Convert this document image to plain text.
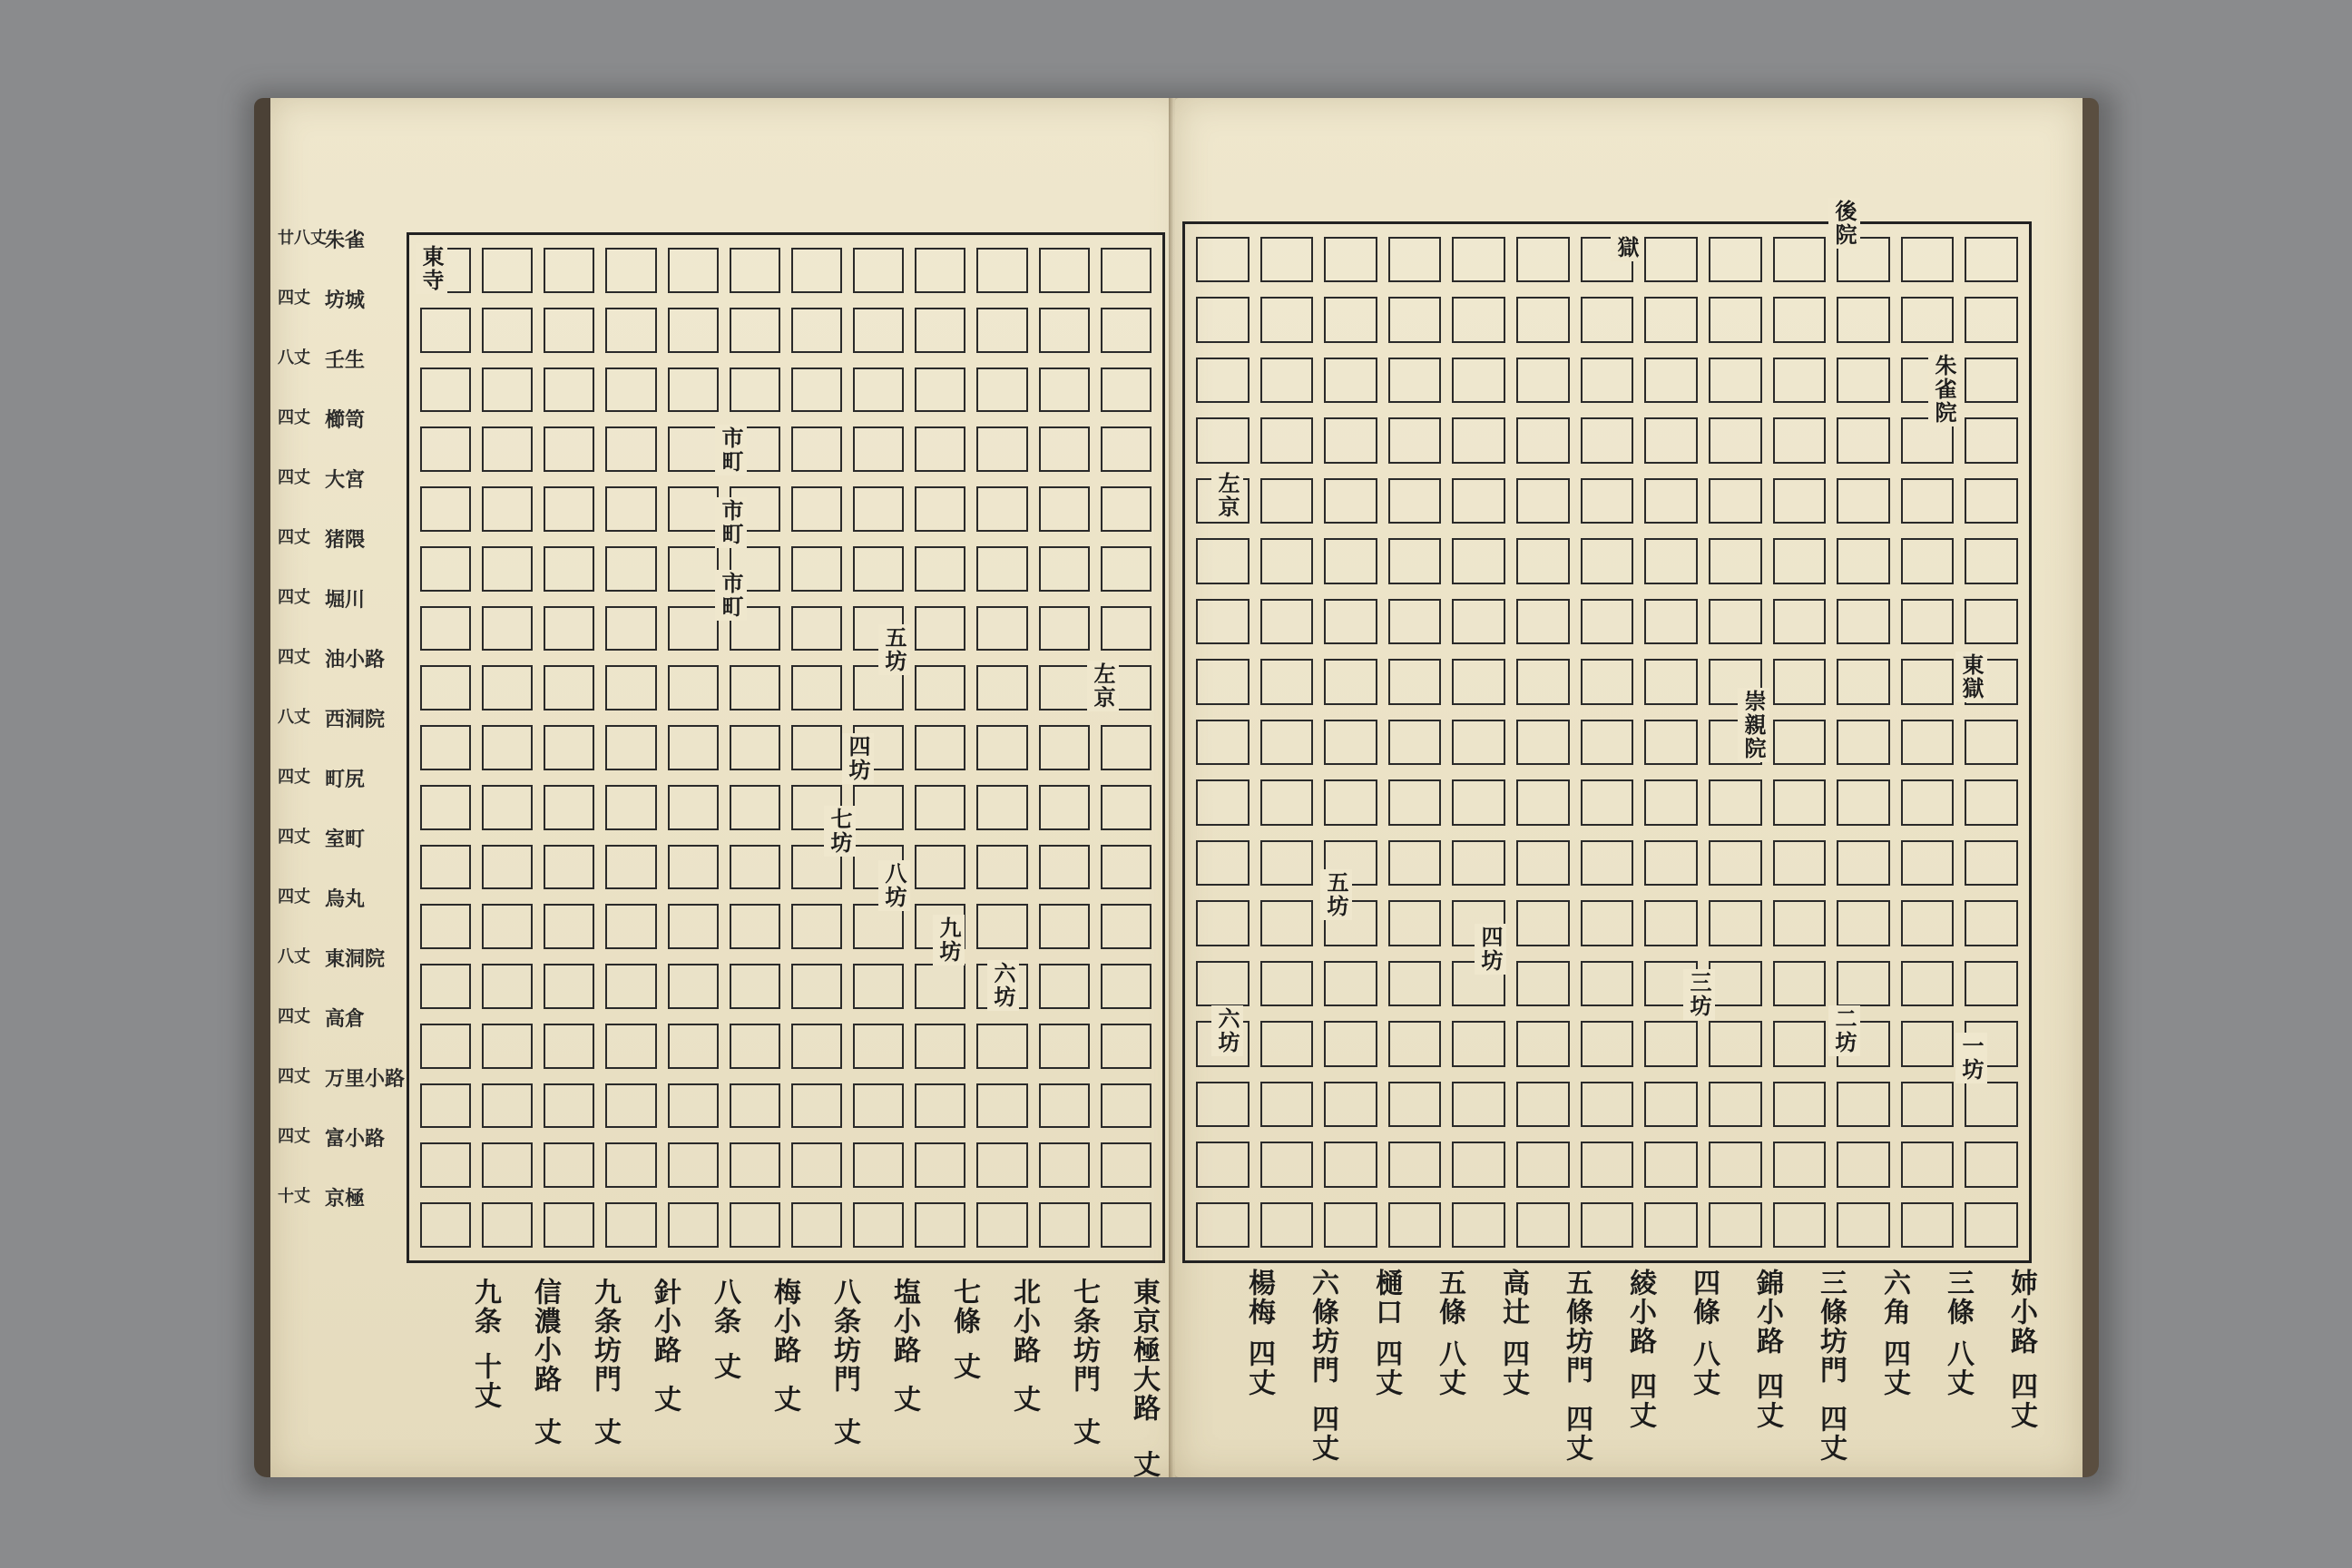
東京極大路
丈
七条坊門
丈
北小路
丈
七條
丈
塩小路
丈
八条坊門
丈
梅小路
丈
八条
丈
針小路
丈
九条坊門
丈
信濃小路
丈
九条
十丈
廿八丈
朱雀
四丈 坊城
八丈 壬生
四丈 櫛笥
四丈 大宮
四丈 猪隈
四丈 堀川
四丈 油小路
八丈 西洞院
四丈 町尻
四丈 室町
四丈 烏丸
八丈 東洞院
四丈 高倉
四丈 万里小路
四丈 富小路
十丈 京極
東寺
市町
市町
市町
左京
七坊
八坊
九坊
六坊
五坊
四坊
姉小路
四丈
三條
八丈
六角
四丈
三條坊門
四丈
錦小路
四丈
四條
八丈
綾小路
四丈
五條坊門
四丈
高辻
四丈
五條
八丈
樋口
四丈
六條坊門
四丈
楊梅
四丈
朱雀院
後院
獄
東獄
崇親院
左京
四坊
五坊
三坊
二坊
一坊
六坊
